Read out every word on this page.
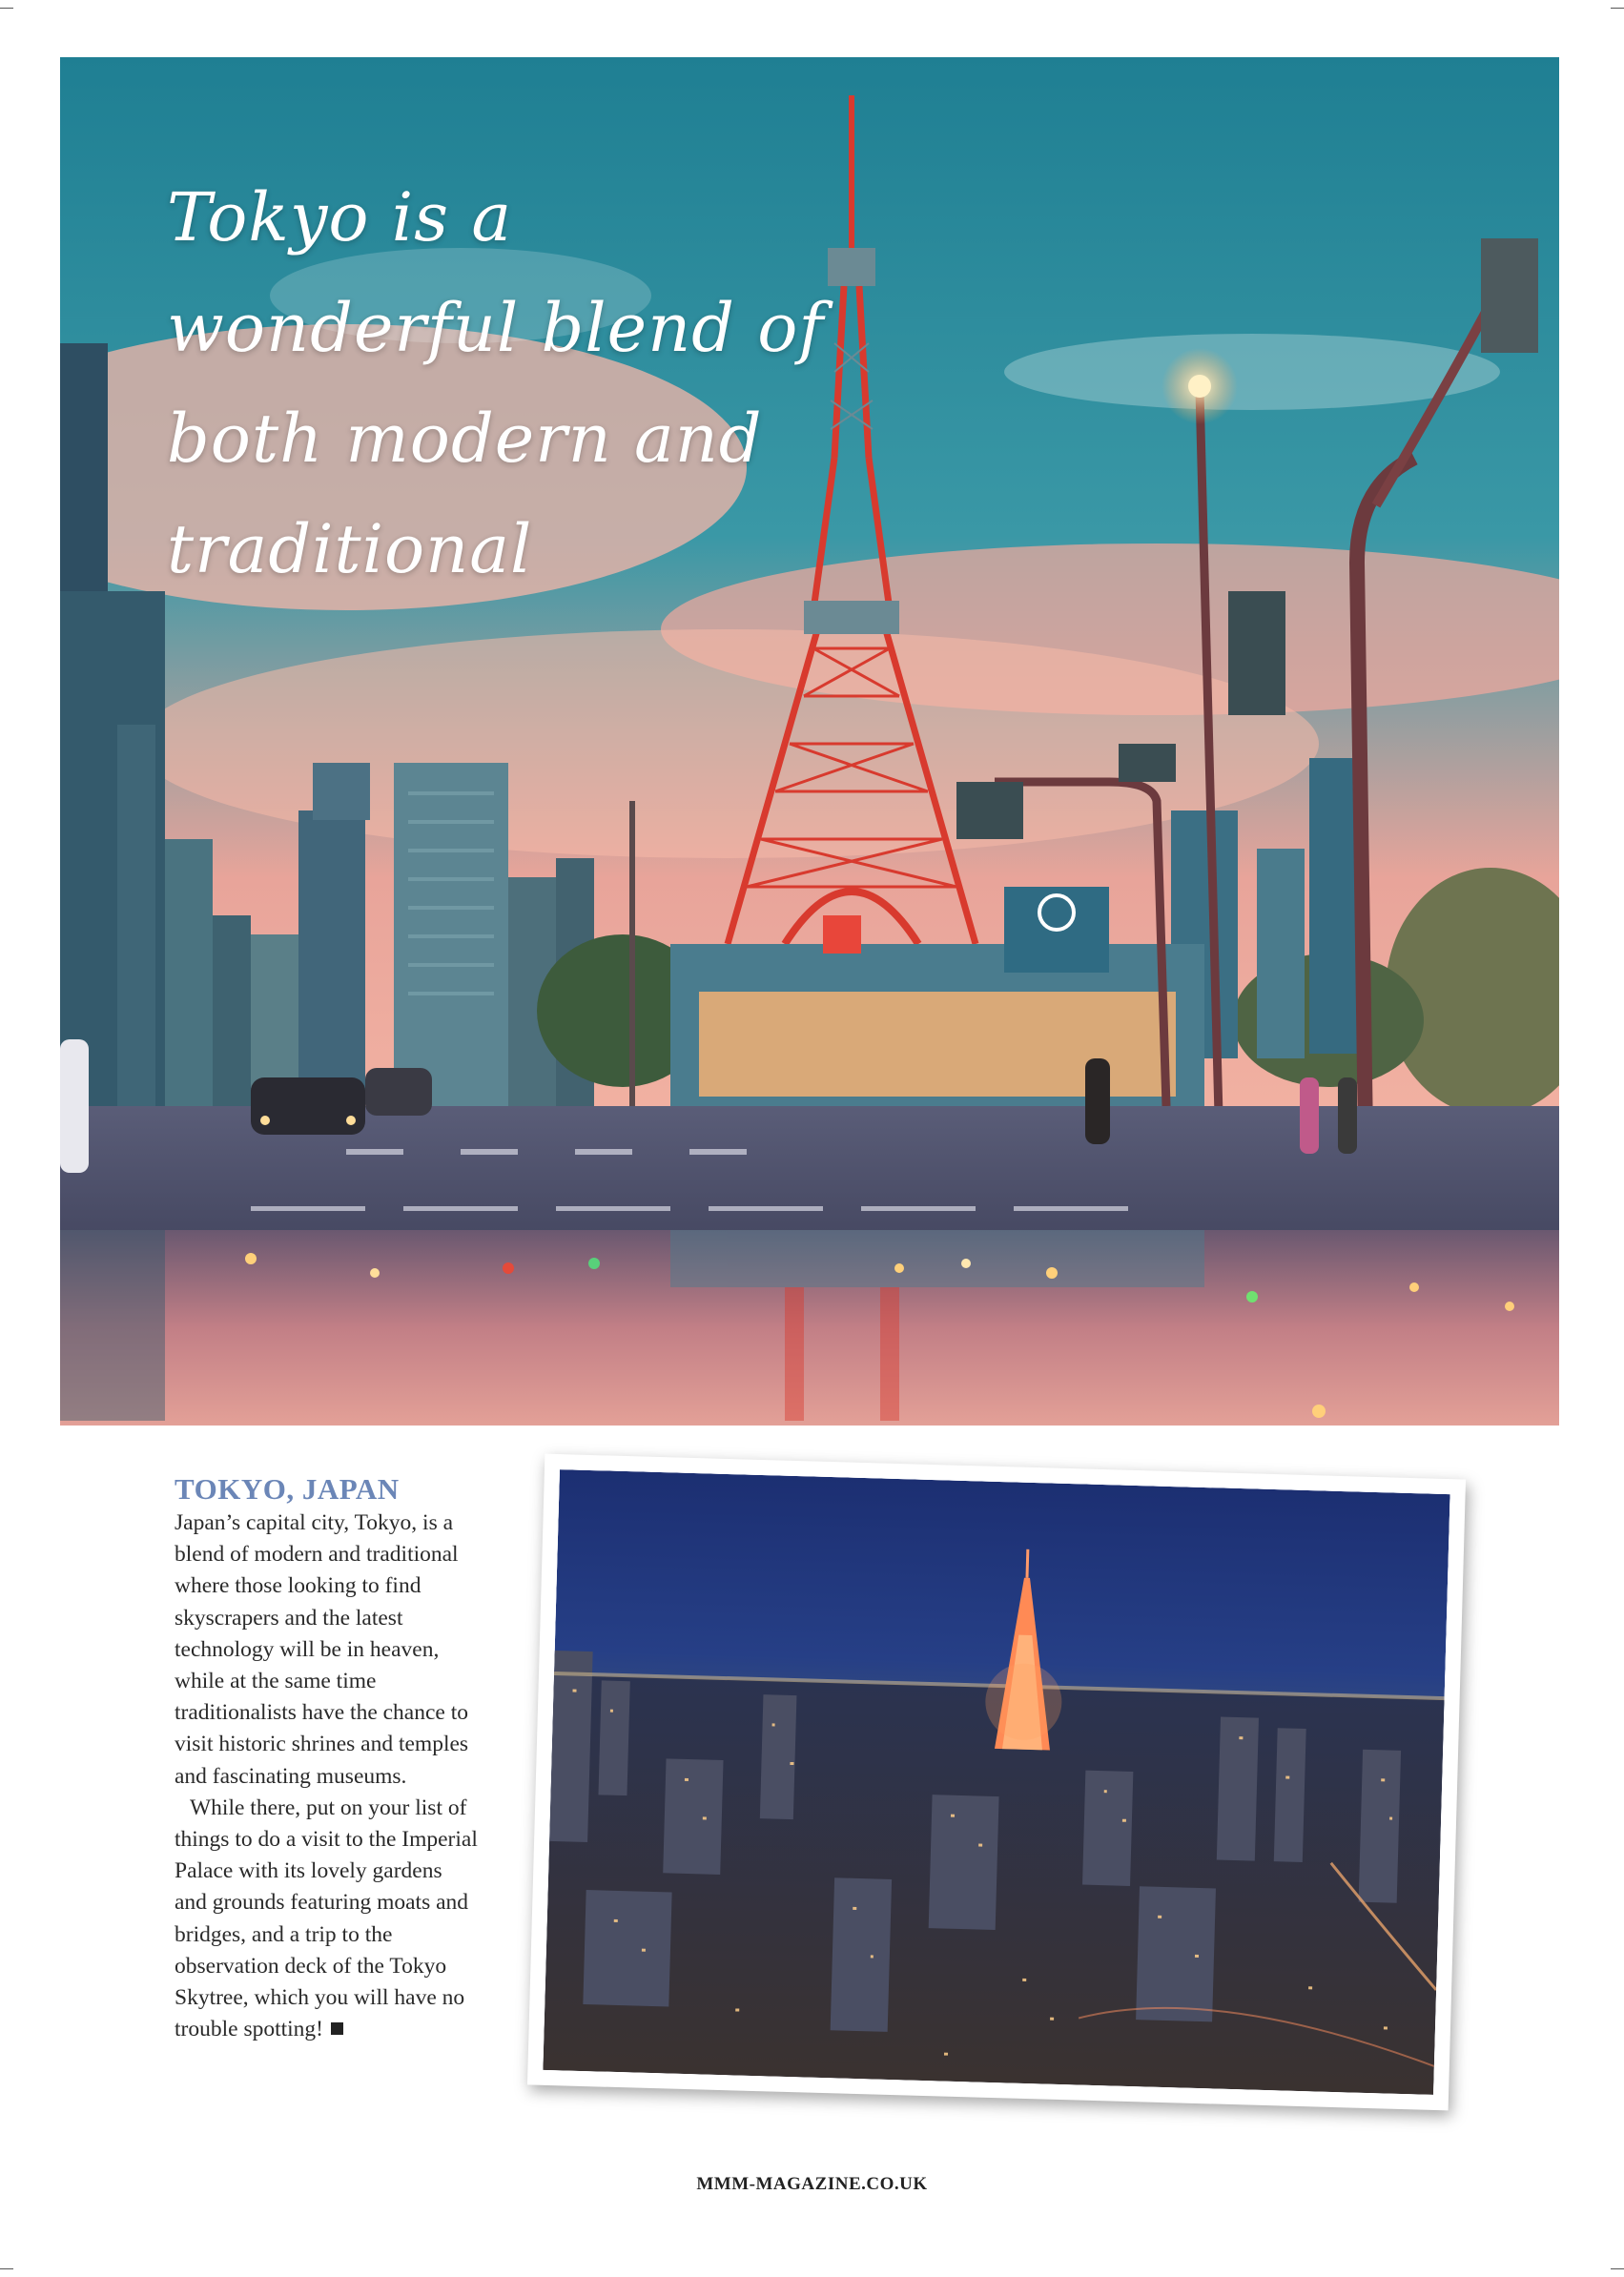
Tokyo is a wonderful blend of both modern and traditional
TOKYO, JAPAN

Japan’s capital city, Tokyo, is a blend of modern and traditional where those looking to find skyscrapers and the latest technology will be in heaven, while at the same time traditionalists have the chance to visit historic shrines and temples and fascinating museums.

While there, put on your list of things to do a visit to the Imperial Palace with its lovely gardens and grounds featuring moats and bridges, and a trip to the observation deck of the Tokyo Skytree, which you will have no trouble spotting!

MMM-MAGAZINE.CO.UK
